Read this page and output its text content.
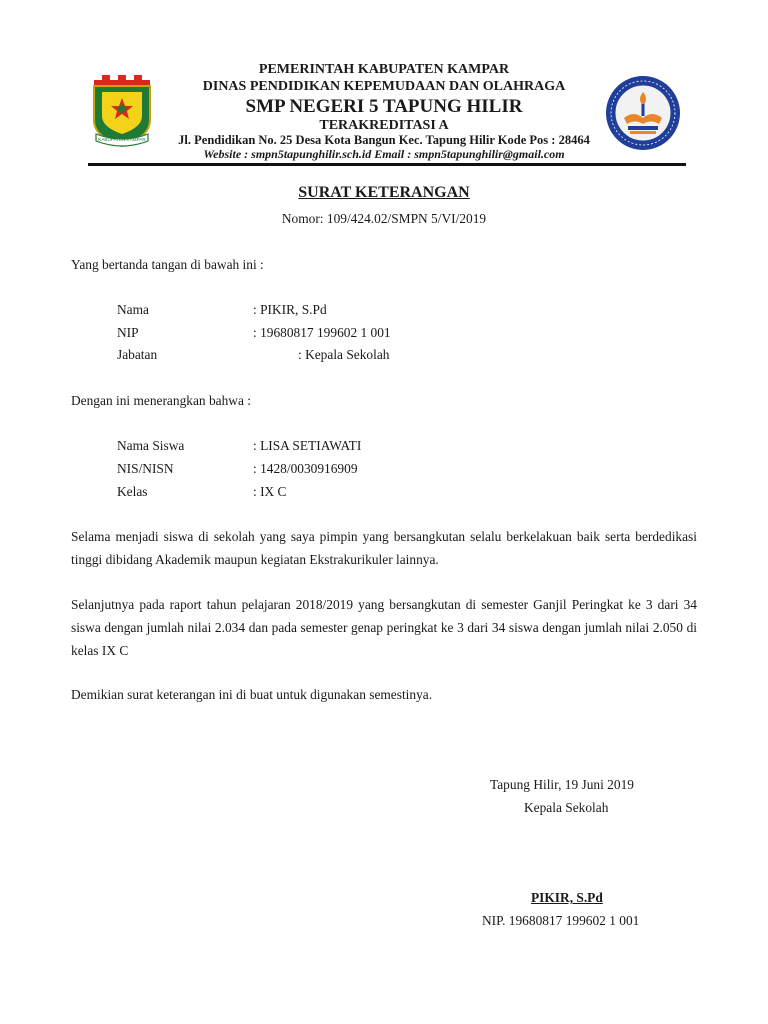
KABUPATEN KAMPAR
PEMERINTAH KABUPATEN KAMPAR
DINAS PENDIDIKAN KEPEMUDAAN DAN OLAHRAGA
SMP NEGERI 5 TAPUNG HILIR
TERAKREDITASI A
Jl. Pendidikan No. 25 Desa Kota Bangun Kec. Tapung Hilir Kode Pos : 28464
Website : smpn5tapunghilir.sch.id Email : smpn5tapunghilir@gmail.com
SURAT KETERANGAN
Nomor: 109/424.02/SMPN 5/VI/2019
Yang bertanda tangan di bawah ini :
Nama	: PIKIR, S.Pd
NIP	: 19680817 199602 1 001
Jabatan	: Kepala Sekolah
Dengan ini menerangkan bahwa :
Nama Siswa	: LISA SETIAWATI
NIS/NISN	: 1428/0030916909
Kelas	: IX C
Selama menjadi siswa di sekolah yang saya pimpin yang bersangkutan selalu berkelakuan baik serta berdedikasi tinggi dibidang Akademik maupun kegiatan Ekstrakurikuler lainnya.
Selanjutnya pada raport tahun pelajaran 2018/2019 yang bersangkutan di semester Ganjil Peringkat ke 3 dari 34 siswa dengan jumlah nilai 2.034 dan pada semester genap peringkat ke 3 dari 34 siswa dengan jumlah nilai 2.050 di kelas IX C
Demikian surat keterangan ini di buat untuk digunakan semestinya.
Tapung Hilir, 19 Juni 2019
Kepala Sekolah
PIKIR, S.Pd
NIP. 19680817 199602 1 001
